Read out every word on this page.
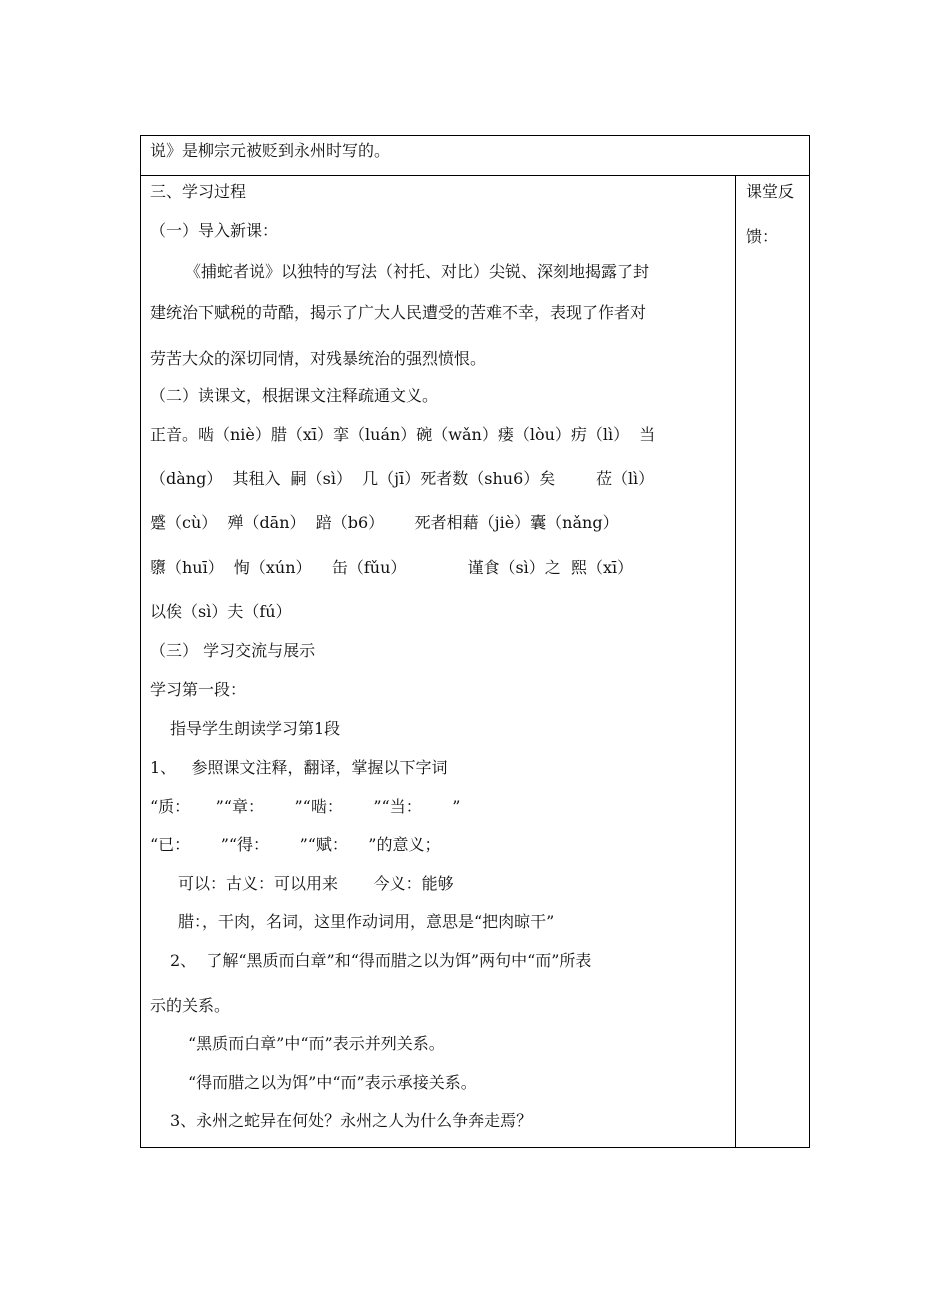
说》是柳宗元被贬到永州时写的。
三、学习过程
（一）导入新课：
《捕蛇者说》以独特的写法（衬托、对比）尖锐、深刻地揭露了封
建统治下赋税的苛酷，揭示了广大人民遭受的苦难不幸，表现了作者对
劳苦大众的深切同情，对残暴统治的强烈愤恨。
（二）读课文，根据课文注释疏通文义。
正音。啮（niè）腊（xī）挛（luán）碗（wǎn）瘘（lòu）疠（lì）  当
（dàng）  其租入  嗣（sì）  几（jī）死者数（shu6）矣        莅（lì）
蹙（cù）  殚（dān）  踣（b6）      死者相藉（jiè）囊（nǎng）
隳（huī）  恂（xún）    缶（fǔu）            谨食（sì）之  熙（xī）
以俟（sì）夫（fú）
（三） 学习交流与展示
学习第一段：
指导学生朗读学习第1段
1、   参照课文注释，翻译，掌握以下字词
“质：     ”“章：      ”“啮：      ”“当：      ”
“已：      ”“得：      ”“赋：    ”的意义；
可以：古义：可以用来       今义：能够
腊：，干肉，名词，这里作动词用，意思是“把肉晾干”
2、  了解“黑质而白章”和“得而腊之以为饵”两句中“而”所表
示的关系。
“黑质而白章”中“而”表示并列关系。
“得而腊之以为饵”中“而”表示承接关系。
3、永州之蛇异在何处？永州之人为什么争奔走焉？
课堂反
馈：
